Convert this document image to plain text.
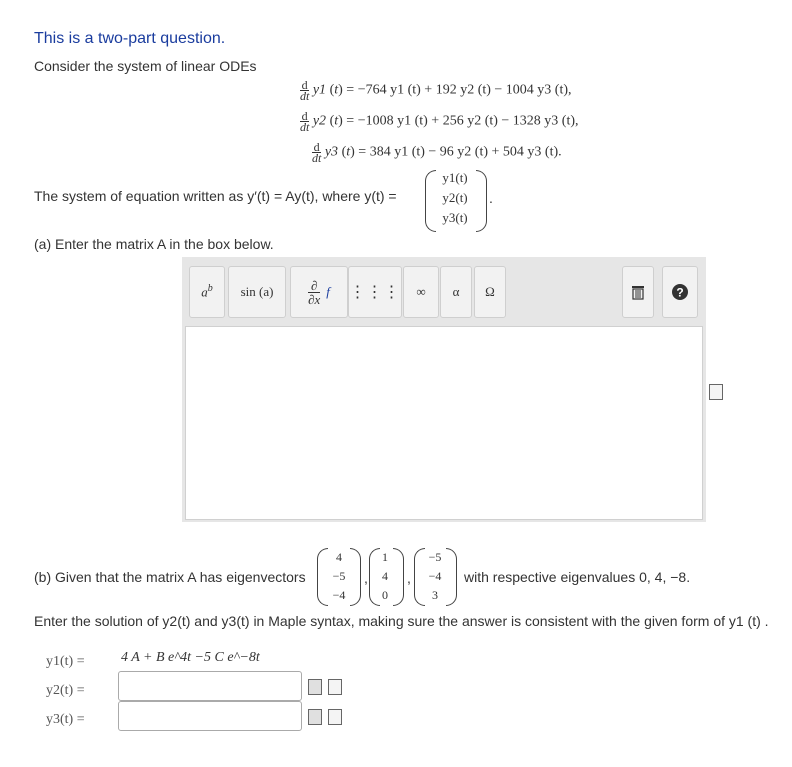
This is a two-part question.
Consider the system of linear ODEs
$\frac{d}{dt} y1$ (t) = −764 y1 (t) + 192 y2 (t) − 1004 y3 (t),
$\frac{d}{dt} y2$ (t) = −1008 y1 (t) + 256 y2 (t) − 1328 y3 (t),
$\frac{d}{dt} y3$ (t) = 384 y1 (t) − 96 y2 (t) + 504 y3 (t).
The system of equation written as y′(t) = Ay(t), where y(t) =
y1(t)
y2(t)
y3(t)
.
(a) Enter the matrix A in the box below.
$a^b$ sin (a)	$\frac{\partial}{\partial x}$ f ⋮⋮⋮ ∞ α Ω	?
(b) Given that the matrix A has eigenvectors
4
−5
−4
,
1
4
0
,
−5
−4
3
with respective eigenvalues 0, 4, −8.
Enter the solution of y2(t) and y3(t) in Maple syntax, making sure the answer is consistent with the given form of y1 (t) .
y1(t) =	4 A + B e^4t −5 C e^−8t
y2(t) =
y3(t) =
